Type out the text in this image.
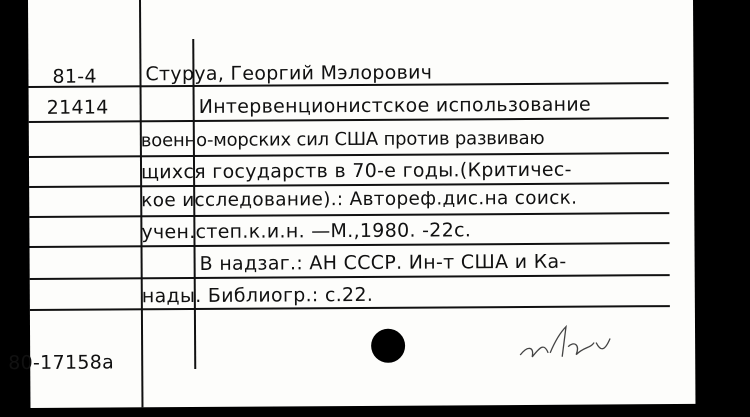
81-4
21414
Стуруа, Георгий Мэлорович
Интервенционистское использование
военно-морских сил США против развиваю
щихся государств в 70-е годы.(Критичес-
кое исследование).: Автореф.дис.на соиск.
учен.степ.к.и.н. —М.,1980. -22с.
В надзаг.: АН СССР. Ин-т США и Ка-
нады. Библиогр.: с.22.
80-17158а
